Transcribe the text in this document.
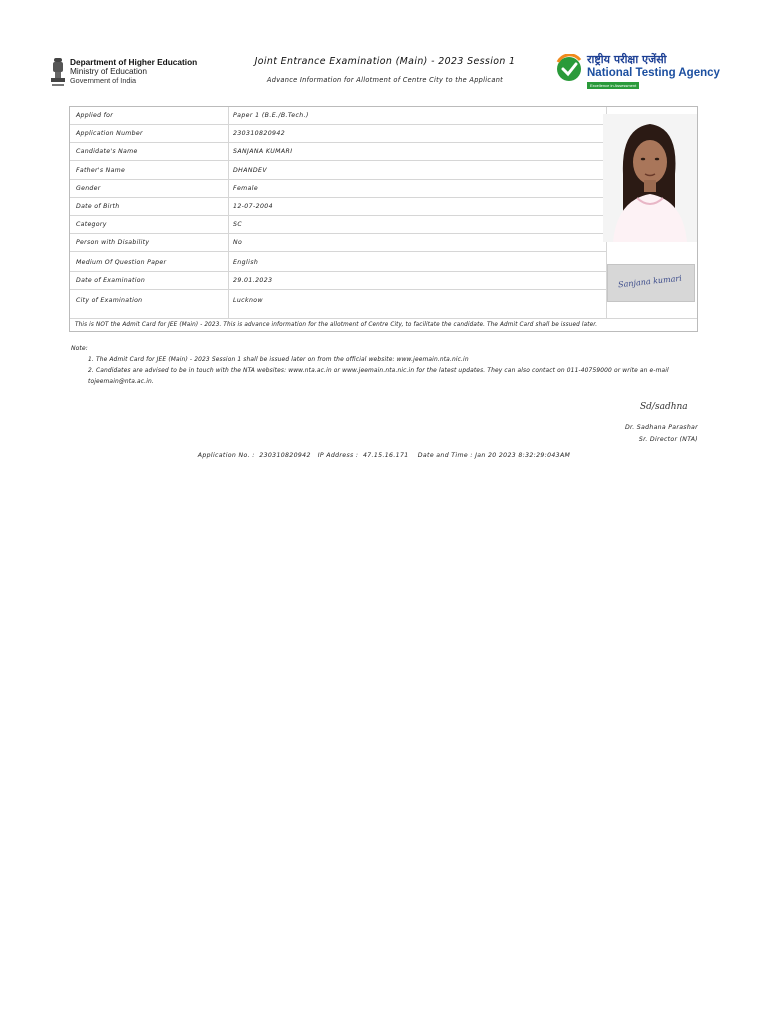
Department of Higher Education
Ministry of Education
Government of India
Joint Entrance Examination (Main) - 2023 Session 1
Advance Information for Allotment of Centre City to the Applicant
राष्ट्रीय परीक्षा एजेंसी
National Testing Agency
Excellence in Assessment
Applied for	Paper 1 (B.E./B.Tech.)
Application Number	230310820942
Candidate's Name	SANJANA KUMARI
Father's Name	DHANDEV
Gender	Female
Date of Birth	12-07-2004
Category	SC
Person with Disability	No
Medium Of Question Paper	English
Date of Examination	29.01.2023
City of Examination	Lucknow
This is NOT the Admit Card for JEE (Main) - 2023. This is advance information for the allotment of Centre City, to facilitate the candidate. The Admit Card shall be issued later.
Sanjana kumari
Note:
1. The Admit Card for JEE (Main) - 2023 Session 1 shall be issued later on from the official website: www.jeemain.nta.nic.in
2. Candidates are advised to be in touch with the NTA websites: www.nta.ac.in or www.jeemain.nta.nic.in for the latest updates. They can also contact on 011-40759000 or write an e-mail tojeemain@nta.ac.in.
Sd/sadhna
Dr. Sadhana Parashar
Sr. Director (NTA)
Application No. :  230310820942   IP Address :  47.15.16.171    Date and Time : Jan 20 2023 8:32:29:043AM
